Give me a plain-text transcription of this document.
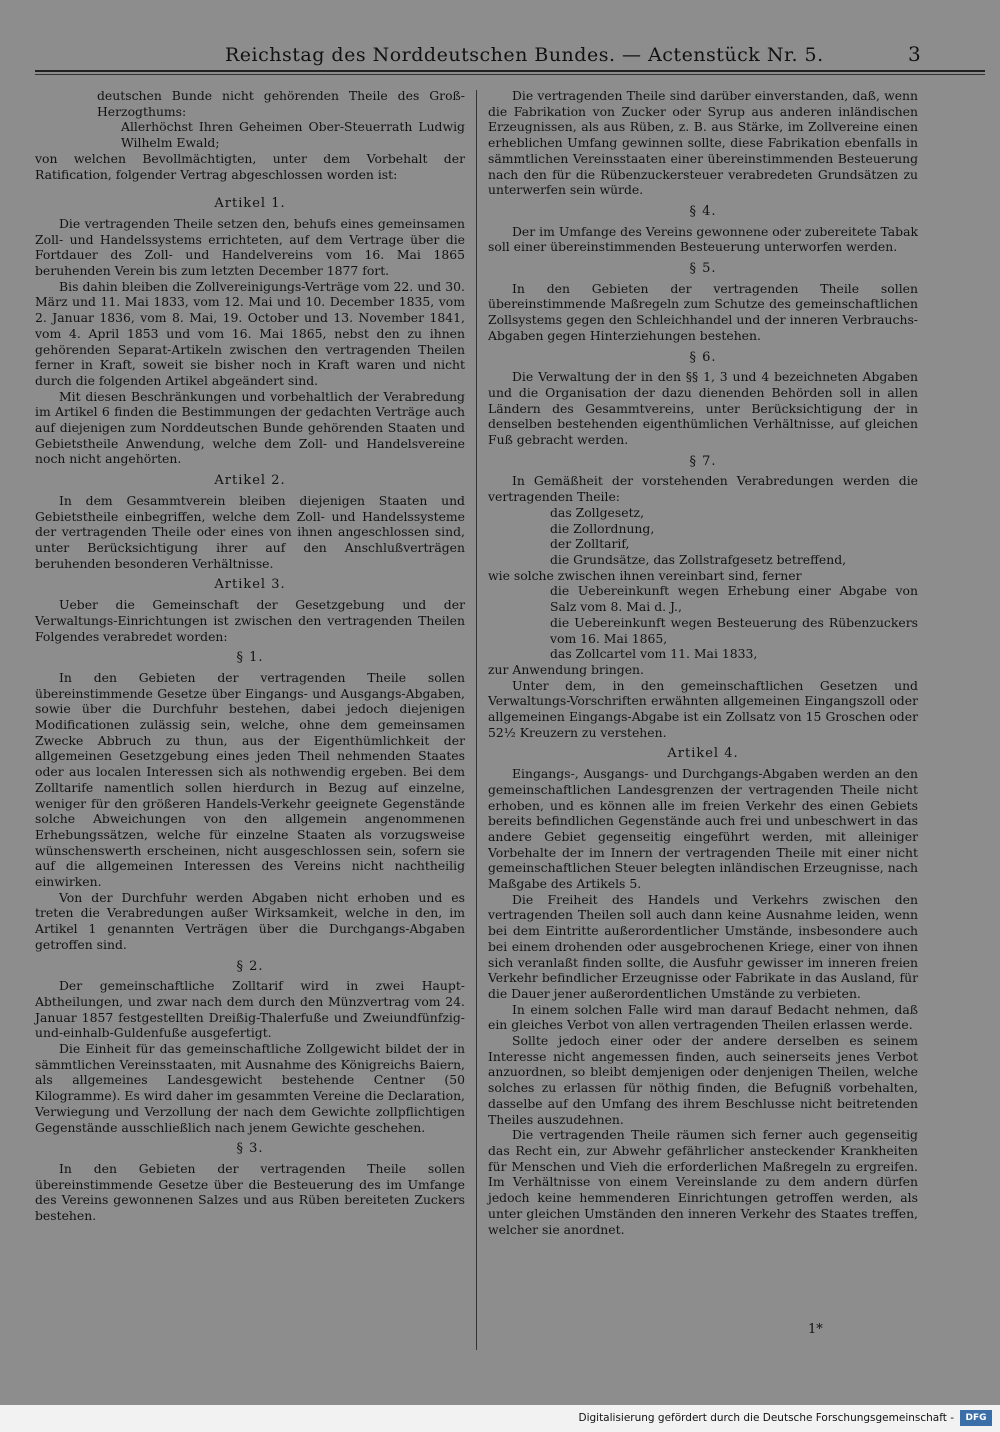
Reichstag des Norddeutschen Bundes. — Actenstück Nr. 5.	3

deutschen Bunde nicht gehörenden Theile des Groß-Herzogthums:

Allerhöchst Ihren Geheimen Ober-Steuerrath Ludwig Wilhelm Ewald;

von welchen Bevollmächtigten, unter dem Vorbehalt der Ratification, folgender Vertrag abgeschlossen worden ist:

Artikel 1.

Die vertragenden Theile setzen den, behufs eines gemeinsamen Zoll- und Handelssystems errichteten, auf dem Vertrage über die Fortdauer des Zoll- und Handelvereins vom 16. Mai 1865 beruhenden Verein bis zum letzten December 1877 fort.

Bis dahin bleiben die Zollvereinigungs-Verträge vom 22. und 30. März und 11. Mai 1833, vom 12. Mai und 10. December 1835, vom 2. Januar 1836, vom 8. Mai, 19. October und 13. November 1841, vom 4. April 1853 und vom 16. Mai 1865, nebst den zu ihnen gehörenden Separat-Artikeln zwischen den vertragenden Theilen ferner in Kraft, soweit sie bisher noch in Kraft waren und nicht durch die folgenden Artikel abgeändert sind.

Mit diesen Beschränkungen und vorbehaltlich der Verabredung im Artikel 6 finden die Bestimmungen der gedachten Verträge auch auf diejenigen zum Norddeutschen Bunde gehörenden Staaten und Gebietstheile Anwendung, welche dem Zoll- und Handelsvereine noch nicht angehörten.

Artikel 2.

In dem Gesammtverein bleiben diejenigen Staaten und Gebietstheile einbegriffen, welche dem Zoll- und Handelssysteme der vertragenden Theile oder eines von ihnen angeschlossen sind, unter Berücksichtigung ihrer auf den Anschlußverträgen beruhenden besonderen Verhältnisse.

Artikel 3.

Ueber die Gemeinschaft der Gesetzgebung und der Verwaltungs-Einrichtungen ist zwischen den vertragenden Theilen Folgendes verabredet worden:

§ 1.

In den Gebieten der vertragenden Theile sollen übereinstimmende Gesetze über Eingangs- und Ausgangs-Abgaben, sowie über die Durchfuhr bestehen, dabei jedoch diejenigen Modificationen zulässig sein, welche, ohne dem gemeinsamen Zwecke Abbruch zu thun, aus der Eigenthümlichkeit der allgemeinen Gesetzgebung eines jeden Theil nehmenden Staates oder aus localen Interessen sich als nothwendig ergeben. Bei dem Zolltarife namentlich sollen hierdurch in Bezug auf einzelne, weniger für den größeren Handels-Verkehr geeignete Gegenstände solche Abweichungen von den allgemein angenommenen Erhebungssätzen, welche für einzelne Staaten als vorzugsweise wünschenswerth erscheinen, nicht ausgeschlossen sein, sofern sie auf die allgemeinen Interessen des Vereins nicht nachtheilig einwirken.

Von der Durchfuhr werden Abgaben nicht erhoben und es treten die Verabredungen außer Wirksamkeit, welche in den, im Artikel 1 genannten Verträgen über die Durchgangs-Abgaben getroffen sind.

§ 2.

Der gemeinschaftliche Zolltarif wird in zwei Haupt-Abtheilungen, und zwar nach dem durch den Münzvertrag vom 24. Januar 1857 festgestellten Dreißig-Thalerfuße und Zweiundfünfzig-und-einhalb-Guldenfuße ausgefertigt.

Die Einheit für das gemeinschaftliche Zollgewicht bildet der in sämmtlichen Vereinsstaaten, mit Ausnahme des Königreichs Baiern, als allgemeines Landesgewicht bestehende Centner (50 Kilogramme). Es wird daher im gesammten Vereine die Declaration, Verwiegung und Verzollung der nach dem Gewichte zollpflichtigen Gegenstände ausschließlich nach jenem Gewichte geschehen.

§ 3.

In den Gebieten der vertragenden Theile sollen übereinstimmende Gesetze über die Besteuerung des im Umfange des Vereins gewonnenen Salzes und aus Rüben bereiteten Zuckers bestehen.

Die vertragenden Theile sind darüber einverstanden, daß, wenn die Fabrikation von Zucker oder Syrup aus anderen inländischen Erzeugnissen, als aus Rüben, z. B. aus Stärke, im Zollvereine einen erheblichen Umfang gewinnen sollte, diese Fabrikation ebenfalls in sämmtlichen Vereinsstaaten einer übereinstimmenden Besteuerung nach den für die Rübenzuckersteuer verabredeten Grundsätzen zu unterwerfen sein würde.

§ 4.

Der im Umfange des Vereins gewonnene oder zubereitete Tabak soll einer übereinstimmenden Besteuerung unterworfen werden.

§ 5.

In den Gebieten der vertragenden Theile sollen übereinstimmende Maßregeln zum Schutze des gemeinschaftlichen Zollsystems gegen den Schleichhandel und der inneren Verbrauchs-Abgaben gegen Hinterziehungen bestehen.

§ 6.

Die Verwaltung der in den §§ 1, 3 und 4 bezeichneten Abgaben und die Organisation der dazu dienenden Behörden soll in allen Ländern des Gesammtvereins, unter Berücksichtigung der in denselben bestehenden eigenthümlichen Verhältnisse, auf gleichen Fuß gebracht werden.

§ 7.

In Gemäßheit der vorstehenden Verabredungen werden die vertragenden Theile:

das Zollgesetz,

die Zollordnung,

der Zolltarif,

die Grundsätze, das Zollstrafgesetz betreffend,

wie solche zwischen ihnen vereinbart sind, ferner

die Uebereinkunft wegen Erhebung einer Abgabe von Salz vom 8. Mai d. J.,

die Uebereinkunft wegen Besteuerung des Rübenzuckers vom 16. Mai 1865,

das Zollcartel vom 11. Mai 1833,

zur Anwendung bringen.

Unter dem, in den gemeinschaftlichen Gesetzen und Verwaltungs-Vorschriften erwähnten allgemeinen Eingangszoll oder allgemeinen Eingangs-Abgabe ist ein Zollsatz von 15 Groschen oder 52½ Kreuzern zu verstehen.

Artikel 4.

Eingangs-, Ausgangs- und Durchgangs-Abgaben werden an den gemeinschaftlichen Landesgrenzen der vertragenden Theile nicht erhoben, und es können alle im freien Verkehr des einen Gebiets bereits befindlichen Gegenstände auch frei und unbeschwert in das andere Gebiet gegenseitig eingeführt werden, mit alleiniger Vorbehalte der im Innern der vertragenden Theile mit einer nicht gemeinschaftlichen Steuer belegten inländischen Erzeugnisse, nach Maßgabe des Artikels 5.

Die Freiheit des Handels und Verkehrs zwischen den vertragenden Theilen soll auch dann keine Ausnahme leiden, wenn bei dem Eintritte außerordentlicher Umstände, insbesondere auch bei einem drohenden oder ausgebrochenen Kriege, einer von ihnen sich veranlaßt finden sollte, die Ausfuhr gewisser im inneren freien Verkehr befindlicher Erzeugnisse oder Fabrikate in das Ausland, für die Dauer jener außerordentlichen Umstände zu verbieten.

In einem solchen Falle wird man darauf Bedacht nehmen, daß ein gleiches Verbot von allen vertragenden Theilen erlassen werde.

Sollte jedoch einer oder der andere derselben es seinem Interesse nicht angemessen finden, auch seinerseits jenes Verbot anzuordnen, so bleibt demjenigen oder denjenigen Theilen, welche solches zu erlassen für nöthig finden, die Befugniß vorbehalten, dasselbe auf den Umfang des ihrem Beschlusse nicht beitretenden Theiles auszudehnen.

Die vertragenden Theile räumen sich ferner auch gegenseitig das Recht ein, zur Abwehr gefährlicher ansteckender Krankheiten für Menschen und Vieh die erforderlichen Maßregeln zu ergreifen. Im Verhältnisse von einem Vereinslande zu dem andern dürfen jedoch keine hemmenderen Einrichtungen getroffen werden, als unter gleichen Umständen den inneren Verkehr des Staates treffen, welcher sie anordnet.

1*
Digitalisierung gefördert durch die Deutsche Forschungsgemeinschaft -	DFG
